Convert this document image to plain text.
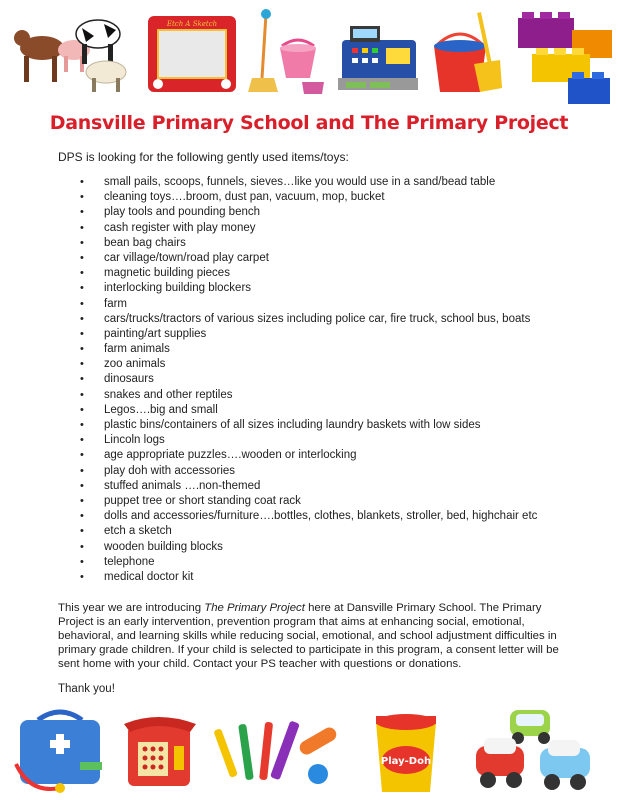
Etch A Sketch
Dansville Primary School and The Primary Project

DPS is looking for the following gently used items/toys:

• small pails, scoops, funnels, sieves…like you would use in a sand/bead table
• cleaning toys….broom, dust pan, vacuum, mop, bucket
• play tools and pounding bench
• cash register with play money
• bean bag chairs
• car village/town/road play carpet
• magnetic building pieces
• interlocking building blockers
• farm
• cars/trucks/tractors of various sizes including police car, fire truck, school bus, boats
• painting/art supplies
• farm animals
• zoo animals
• dinosaurs
• snakes and other reptiles
• Legos….big and small
• plastic bins/containers of all sizes including laundry baskets with low sides
• Lincoln logs
• age appropriate puzzles….wooden or interlocking
• play doh with accessories
• stuffed animals ….non-themed
• puppet tree or short standing coat rack
• dolls and accessories/furniture….bottles, clothes, blankets, stroller, bed, highchair etc
• etch a sketch
• wooden building blocks
• telephone
• medical doctor kit

This year we are introducing The Primary Project here at Dansville Primary School. The Primary Project is an early intervention, prevention program that aims at enhancing social, emotional, behavioral, and learning skills while reducing social, emotional, and school adjustment difficulties in primary grade children. If your child is selected to participate in this program, a consent letter will be sent home with your child. Contact your PS teacher with questions or donations.

Thank you!

Play-Doh
